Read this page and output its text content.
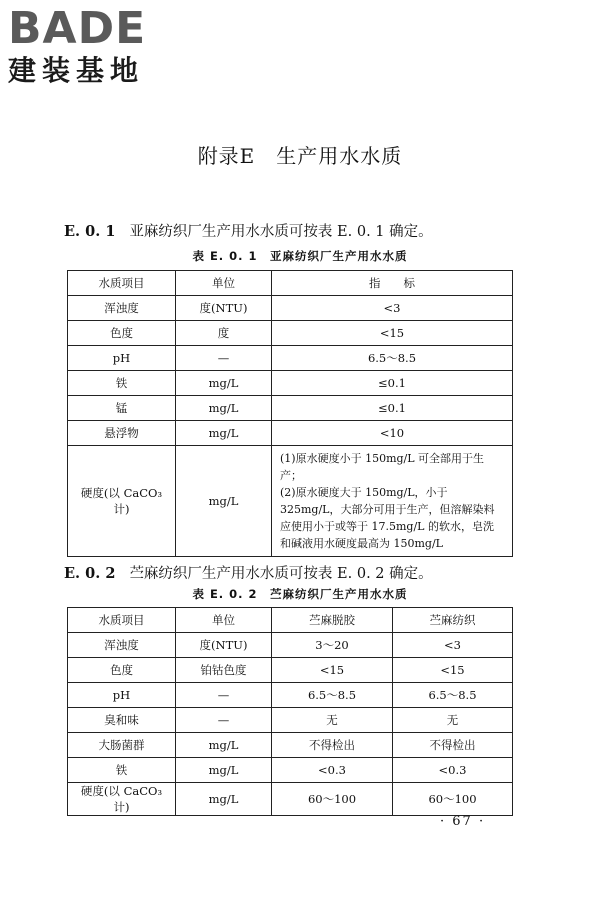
BADE
建装基地
附录E　生产用水水质
E. 0. 1 亚麻纺织厂生产用水水质可按表 E. 0. 1 确定。
表 E. 0. 1　亚麻纺织厂生产用水水质
水质项目	单位	指　　标
浑浊度	度(NTU)	<3
色度	度	<15
pH	—	6.5～8.5
铁	mg/L	≤0.1
锰	mg/L	≤0.1
悬浮物	mg/L	<10
硬度(以 CaCO₃ 计)	mg/L	(1)原水硬度小于 150mg/L 可全部用于生产；

(2)原水硬度大于 150mg/L，小于 325mg/L，大部分可用于生产，但溶解染料应使用小于或等于 17.5mg/L 的软水，皂洗和碱液用水硬度最高为 150mg/L

E. 0. 2 苎麻纺织厂生产用水水质可按表 E. 0. 2 确定。
表 E. 0. 2　苎麻纺织厂生产用水水质
水质项目	单位	苎麻脱胶	苎麻纺织
浑浊度	度(NTU)	3～20	<3
色度	铂钴色度	<15	<15
pH	—	6.5～8.5	6.5～8.5
臭和味	—	无	无
大肠菌群	mg/L	不得检出	不得检出
铁	mg/L	<0.3	<0.3
硬度(以 CaCO₃ 计)	mg/L	60～100	60～100
· 67 ·
